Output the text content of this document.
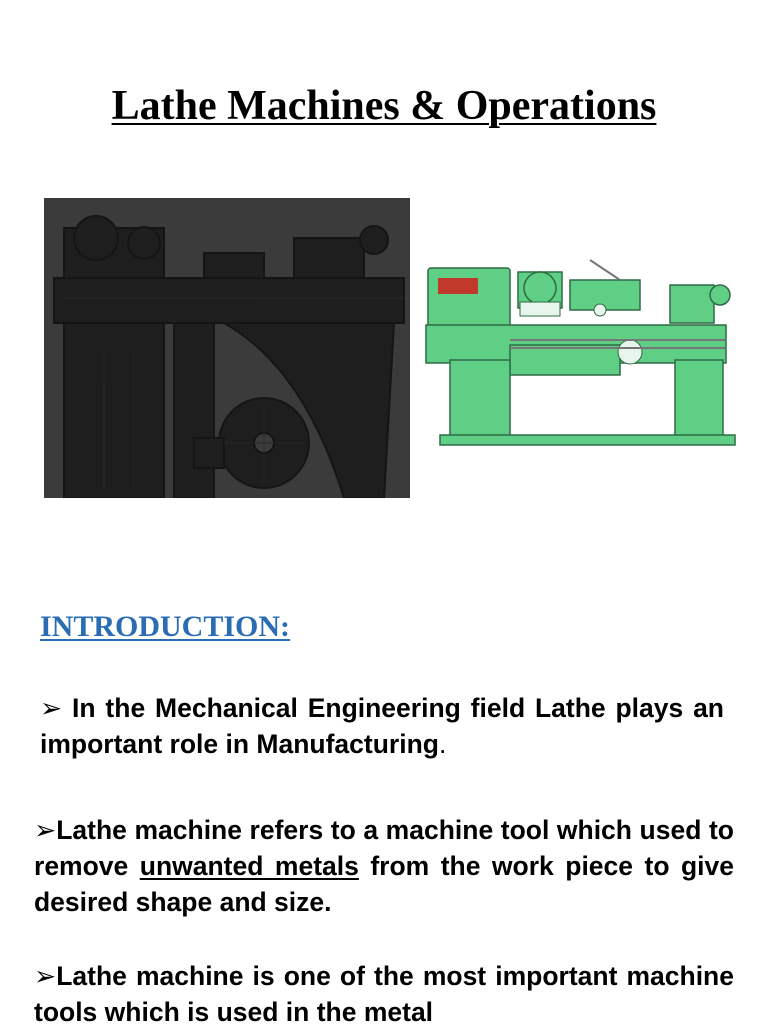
Lathe Machines & Operations
INTRODUCTION:

➢ In the Mechanical Engineering field Lathe plays an important role in Manufacturing.

➢Lathe machine refers to a machine tool which used to remove unwanted metals from the work piece to give desired shape and size.

➢Lathe machine is one of the most important machine tools which is used in the metal
